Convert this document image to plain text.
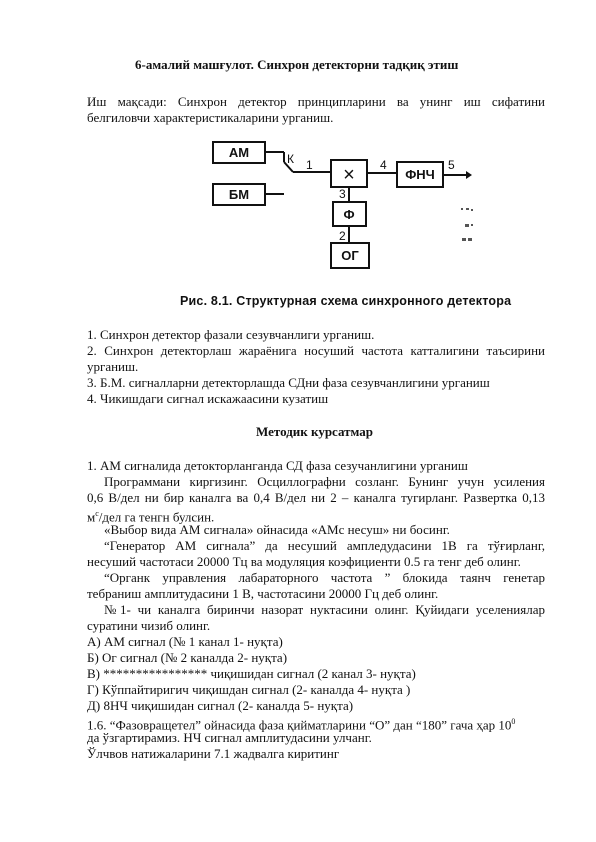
6-амалий машғулот. Синхрон детекторни тадқиқ этиш
Иш мақсади: Синхрон детектор принципларини ва унинг иш сифатини
белгиловчи характеристикаларини урганиш.
К 1	4	5
3
2
АМ
БМ
×	ФНЧ
Ф
ОГ
Рис. 8.1. Структурная схема синхронного детектора
1. Синхрон детектор фазали сезувчанлиги урганиш.
2. Синхрон детекторлаш жараёнига носуший частота катталигини таъсирини
урганиш.
3. Б.М. сигналларни детекторлашда СДни фаза сезувчанлигини урганиш
4. Чикишдаги сигнал искажаасини кузатиш
Методик курсатмар
1. АМ сигналида детокторланганда СД фаза сезучанлигини урганиш
Программани киргизинг. Осциллографни созланг. Бунинг учун усиления
0,6 В/дел ни бир каналга ва 0,4 В/дел ни 2 – каналга тугирланг. Развертка 0,13
$м^с$/дел га тенгн булсин.
«Выбор вида АМ сигнала» ойнасида «АМс несуш» ни босинг.
“Генератор АМ сигнала” да несуший амплeдудасини 1В га тўғирланг,
несуший частотаси 20000 Тц ва модуляция коэфициенти 0.5 га тенг деб олинг.
“Органк управления лабараторного частота ” блокида таянч генетар
тебраниш амплитудасини 1 В, частотасини 20000 Гц деб олинг.
№1- чи каналга биринчи назорат нуктасини олинг. Қуйидаги уселениялар
суратини чизиб олинг.
А) АМ сигнал (№ 1 канал 1- нуқта)
Б) Ог сигнал (№ 2 каналда 2- нуқта)
В) **************** чиқишидан сигнал (2 канал 3- нуқта)
Г) Кўппайтиригич чиқишдан сигнал (2- каналда 4- нуқта )
Д) 8НЧ чиқишидан сигнал (2- каналда 5- нуқта)
1.6. “Фазовращетел” ойнасида фаза қийматларини “О” дан “180” гача ҳар $10^0$
да ўзгартирамиз. НЧ сигнал амплитудасини улчанг.
Ўлчвов натижаларини 7.1 жадвалга киритинг
